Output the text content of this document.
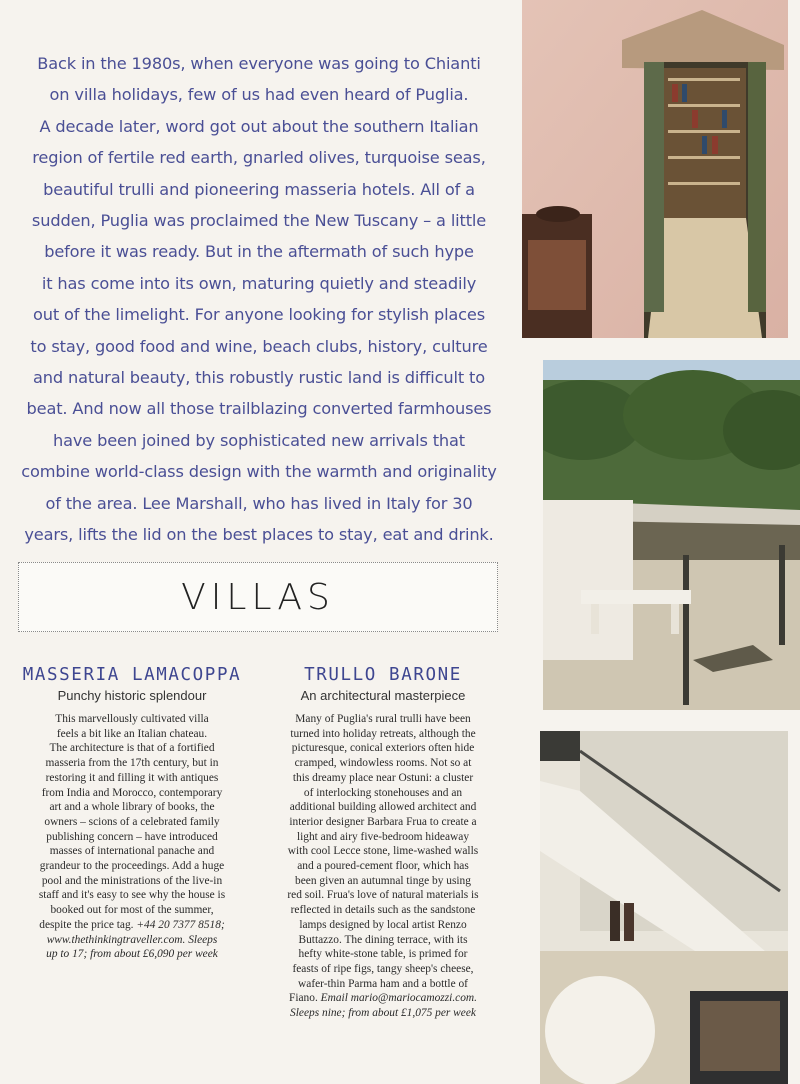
Back in the 1980s, when everyone was going to Chianti
on villa holidays, few of us had even heard of Puglia.
A decade later, word got out about the southern Italian
region of fertile red earth, gnarled olives, turquoise seas,
beautiful trulli and pioneering masseria hotels. All of a
sudden, Puglia was proclaimed the New Tuscany – a little
before it was ready. But in the aftermath of such hype
it has come into its own, maturing quietly and steadily
out of the limelight. For anyone looking for stylish places
to stay, good food and wine, beach clubs, history, culture
and natural beauty, this robustly rustic land is difficult to
beat. And now all those trailblazing converted farmhouses
have been joined by sophisticated new arrivals that
combine world-class design with the warmth and originality
of the area. Lee Marshall, who has lived in Italy for 30
years, lifts the lid on the best places to stay, eat and drink.
VILLAS
MASSERIA LAMACOPPA
Punchy historic splendour
This marvellously cultivated villa
feels a bit like an Italian chateau.
The architecture is that of a fortified
masseria from the 17th century, but in
restoring it and filling it with antiques
from India and Morocco, contemporary
art and a whole library of books, the
owners – scions of a celebrated family
publishing concern – have introduced
masses of international panache and
grandeur to the proceedings. Add a huge
pool and the ministrations of the live-in
staff and it's easy to see why the house is
booked out for most of the summer,
despite the price tag. +44 20 7377 8518;
www.thethinkingtraveller.com. Sleeps
up to 17; from about £6,090 per week
TRULLO BARONE
An architectural masterpiece
Many of Puglia's rural trulli have been
turned into holiday retreats, although the
picturesque, conical exteriors often hide
cramped, windowless rooms. Not so at
this dreamy place near Ostuni: a cluster
of interlocking stonehouses and an
additional building allowed architect and
interior designer Barbara Frua to create a
light and airy five-bedroom hideaway
with cool Lecce stone, lime-washed walls
and a poured-cement floor, which has
been given an autumnal tinge by using
red soil. Frua's love of natural materials is
reflected in details such as the sandstone
lamps designed by local artist Renzo
Buttazzo. The dining terrace, with its
hefty white-stone table, is primed for
feasts of ripe figs, tangy sheep's cheese,
wafer-thin Parma ham and a bottle of
Fiano. Email mario@mariocamozzi.com.
Sleeps nine; from about £1,075 per week
